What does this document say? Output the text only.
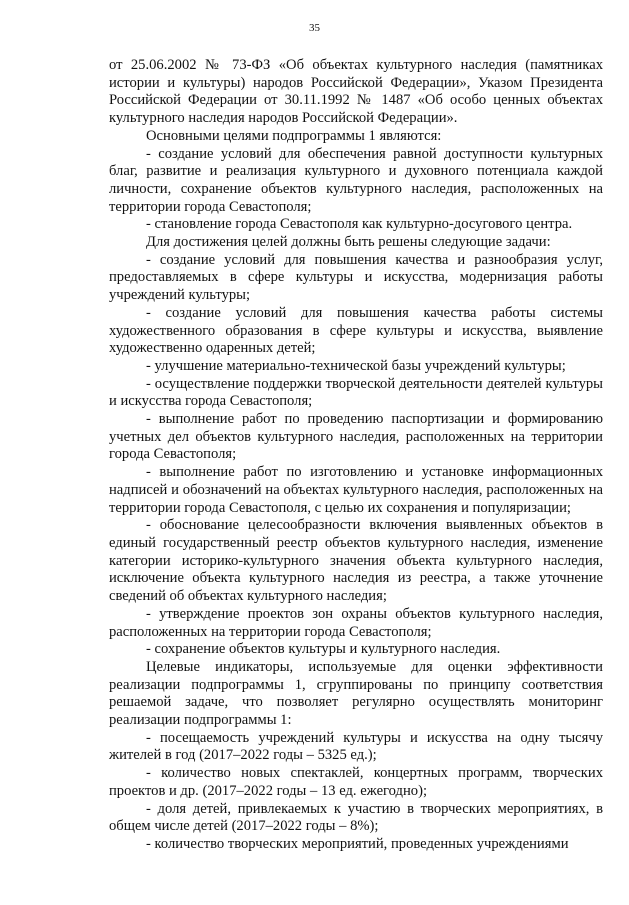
35

от 25.06.2002 № 73-ФЗ «Об объектах культурного наследия (памятниках истории и культуры) народов Российской Федерации», Указом Президента Российской Федерации от 30.11.1992 № 1487 «Об особо ценных объектах культурного наследия народов Российской Федерации».

Основными целями подпрограммы 1 являются:

- создание условий для обеспечения равной доступности культурных благ, развитие и реализация культурного и духовного потенциала каждой личности, сохранение объектов культурного наследия, расположенных на территории города Севастополя;

- становление города Севастополя как культурно-досугового центра.

Для достижения целей должны быть решены следующие задачи:

- создание условий для повышения качества и разнообразия услуг, предоставляемых в сфере культуры и искусства, модернизация работы учреждений культуры;

- создание условий для повышения качества работы системы художественного образования в сфере культуры и искусства, выявление художественно одаренных детей;

- улучшение материально-технической базы учреждений культуры;

- осуществление поддержки творческой деятельности деятелей культуры и искусства города Севастополя;

- выполнение работ по проведению паспортизации и формированию учетных дел объектов культурного наследия, расположенных на территории города Севастополя;

- выполнение работ по изготовлению и установке информационных надписей и обозначений на объектах культурного наследия, расположенных на территории города Севастополя, с целью их сохранения и популяризации;

- обоснование целесообразности включения выявленных объектов в единый государственный реестр объектов культурного наследия, изменение категории историко-культурного значения объекта культурного наследия, исключение объекта культурного наследия из реестра, а также уточнение сведений об объектах культурного наследия;

- утверждение проектов зон охраны объектов культурного наследия, расположенных на территории города Севастополя;

- сохранение объектов культуры и культурного наследия.

Целевые индикаторы, используемые для оценки эффективности реализации подпрограммы 1, сгруппированы по принципу соответствия решаемой задаче, что позволяет регулярно осуществлять мониторинг реализации подпрограммы 1:

- посещаемость учреждений культуры и искусства на одну тысячу жителей в год (2017–2022 годы – 5325 ед.);

- количество новых спектаклей, концертных программ, творческих проектов и др. (2017–2022 годы – 13 ед. ежегодно);

- доля детей, привлекаемых к участию в творческих мероприятиях, в общем числе детей (2017–2022 годы – 8%);

- количество творческих мероприятий, проведенных учреждениями
